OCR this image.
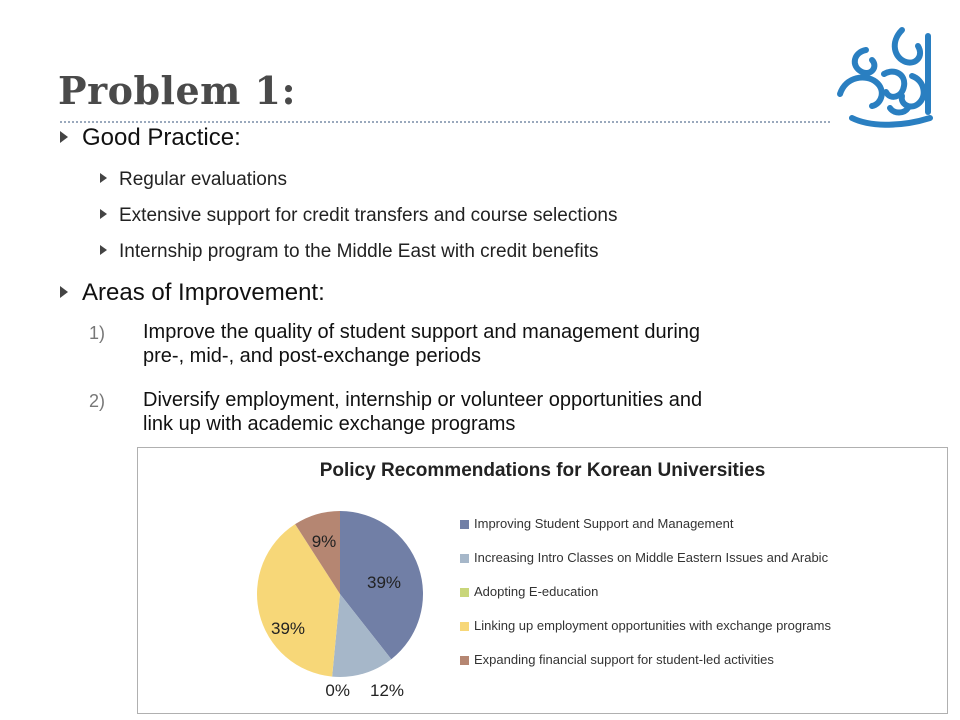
Problem 1:
Good Practice:
Regular evaluations
Extensive support for credit transfers and course selections
Internship program to the Middle East with credit benefits
Areas of Improvement:
1) Improve the quality of student support and management during
pre-, mid-, and post-exchange periods
2) Diversify employment, internship or volunteer opportunities and
link up with academic exchange programs
Policy Recommendations for Korean Universities
39%
12%
0%
39%
9%
Improving Student Support and Management
Increasing Intro Classes on Middle Eastern Issues and Arabic
Adopting E-education
Linking up employment opportunities with exchange programs
Expanding financial support for student-led activities
